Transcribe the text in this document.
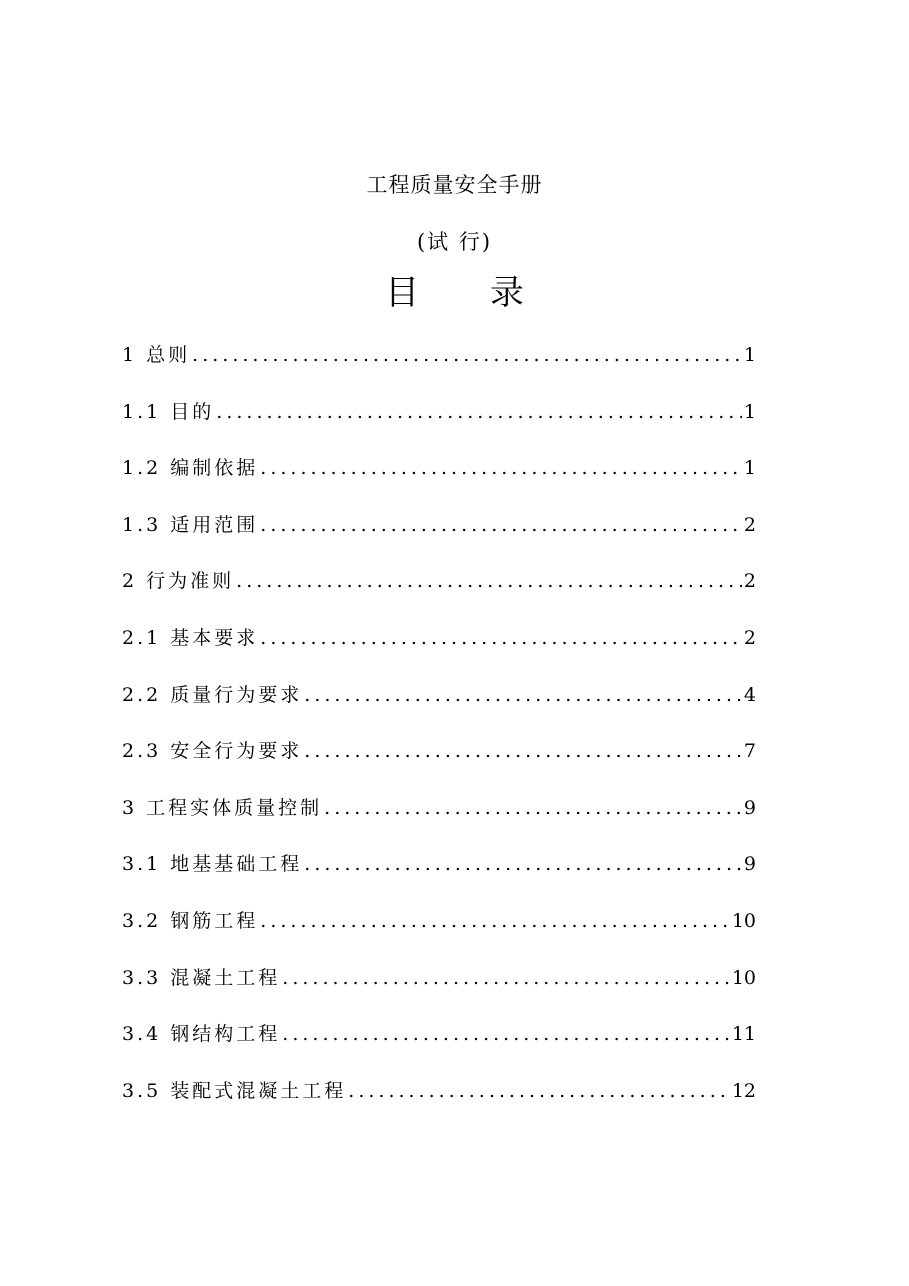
工程质量安全手册
(试 行)
目 录
1 总则 .....	1
1.1 目的 .....	1
1.2 编制依据 .....	1
1.3 适用范围 .....	2
2 行为准则 .....	2
2.1 基本要求 .....	2
2.2 质量行为要求 .....	4
2.3 安全行为要求 .....	7
3 工程实体质量控制 .....	9
3.1 地基基础工程 .....	9
3.2 钢筋工程 .....	10
3.3 混凝土工程 .....	10
3.4 钢结构工程 .....	11
3.5 装配式混凝土工程 .....	12
